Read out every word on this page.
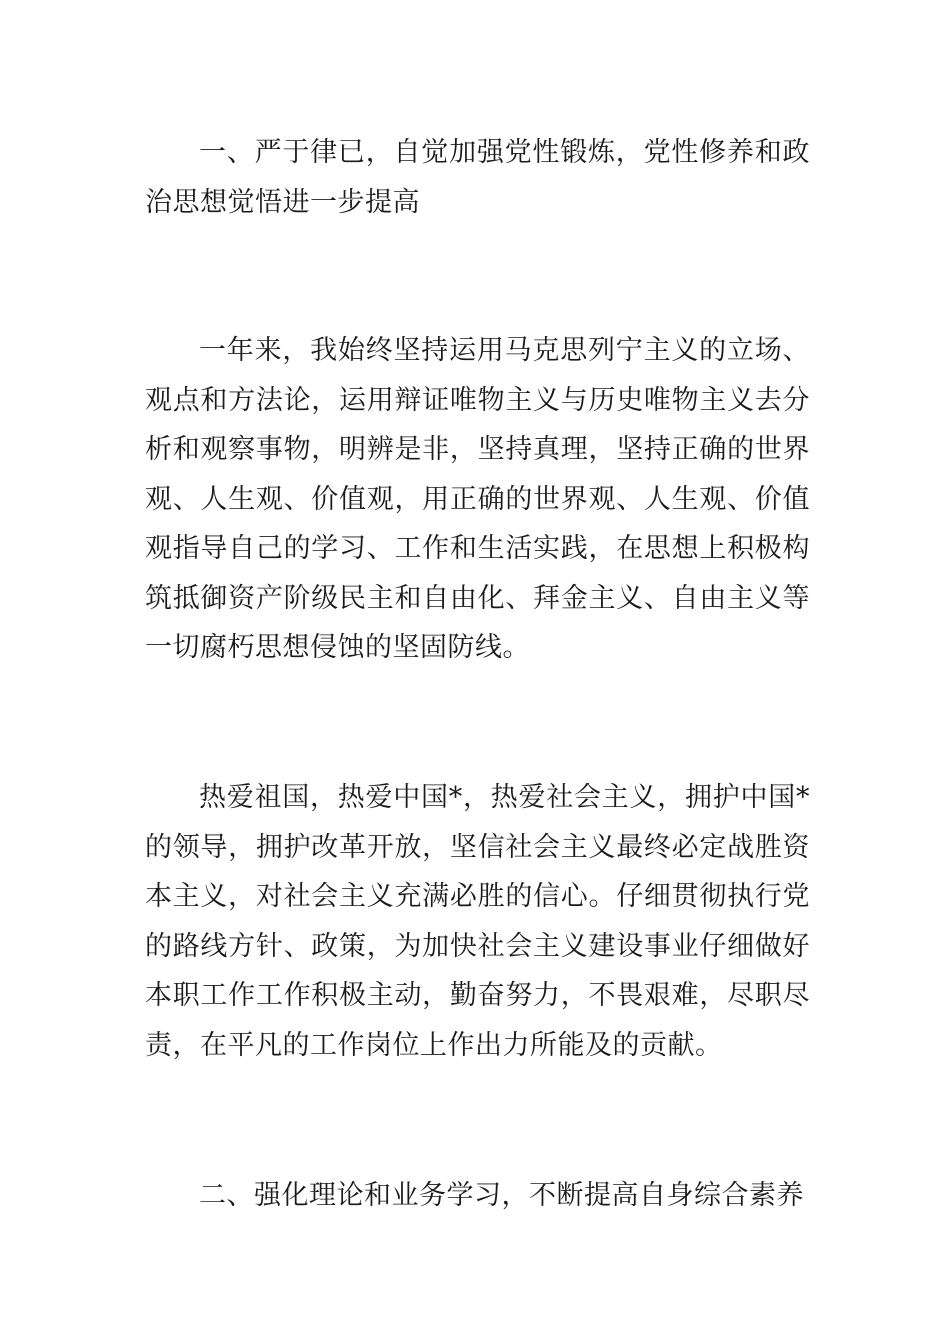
一、严于律已，自觉加强党性锻炼，党性修养和政治思想觉悟进一步提高

一年来，我始终坚持运用马克思列宁主义的立场、观点和方法论，运用辩证唯物主义与历史唯物主义去分析和观察事物，明辨是非，坚持真理，坚持正确的世界观、人生观、价值观，用正确的世界观、人生观、价值观指导自己的学习、工作和生活实践，在思想上积极构筑抵御资产阶级民主和自由化、拜金主义、自由主义等一切腐朽思想侵蚀的坚固防线。

热爱祖国，热爱中国*，热爱社会主义，拥护中国*的领导，拥护改革开放，坚信社会主义最终必定战胜资本主义，对社会主义充满必胜的信心。仔细贯彻执行党的路线方针、政策，为加快社会主义建设事业仔细做好本职工作工作积极主动，勤奋努力，不畏艰难，尽职尽责，在平凡的工作岗位上作出力所能及的贡献。

二、强化理论和业务学习，不断提高自身综合素养
